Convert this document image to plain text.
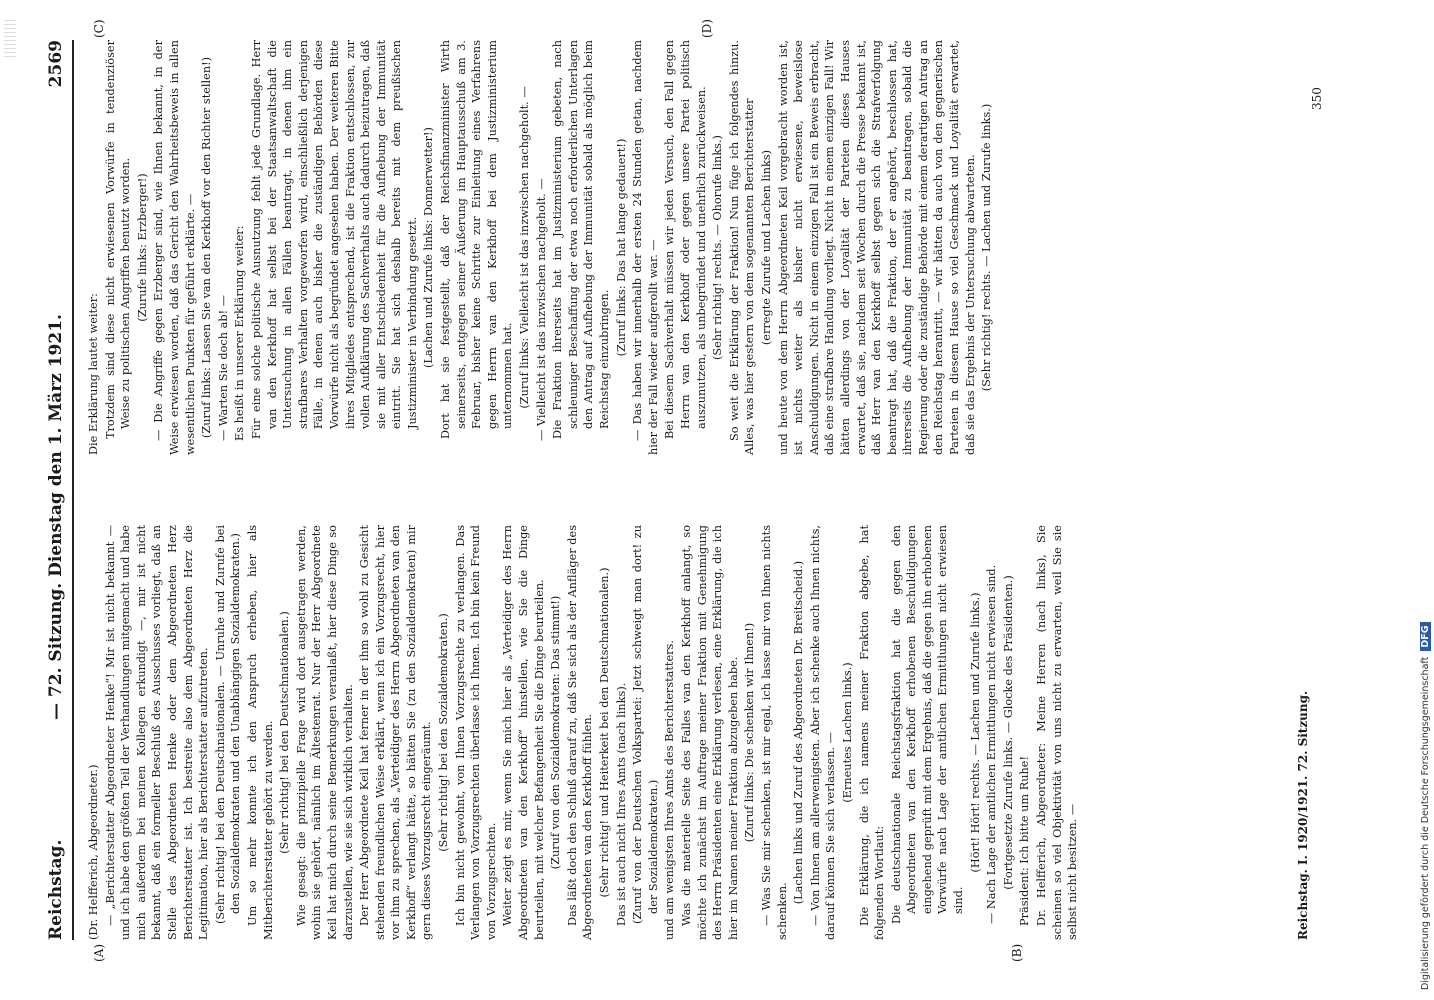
Reichstag.
— 72. Sitzung. Dienstag den 1. März 1921.
2569
(A)	(B)
(C)	(D)

(Dr. Helfferich, Abgeordneter.) — „Berichterstatter Abgeordneter Henke“! Mir ist nicht bekannt — und ich habe den größten Teil der Verhandlungen mitgemacht und habe mich außerdem bei meinen Kollegen erkundigt —, mir ist nicht bekannt, daß ein formeller Beschluß des Ausschusses vorliegt, daß an Stelle des Abgeordneten Henke oder dem Abgeordneten Herz Berichterstatter ist. Ich bestreite also dem Abgeordneten Herz die Legitimation, hier als Berichterstatter aufzutreten. (Sehr richtig! bei den Deutschnationalen. — Unruhe und Zurufe bei den Sozialdemokraten und den Unabhängigen Sozialdemokraten.) Um so mehr konnte ich den Anspruch erheben, hier als Mitberichterstatter gehört zu werden. (Sehr richtig! bei den Deutschnationalen.) Wie gesagt: die prinzipielle Frage wird dort ausgetragen werden, wohin sie gehört, nämlich im Ältestenrat. Nur der Herr Abgeordnete Keil hat mich durch seine Bemerkungen veranlaßt, hier diese Dinge so darzustellen, wie sie sich wirklich verhalten. Der Herr Abgeordnete Keil hat ferner in der ihm so wohl zu Gesicht stehenden freundlichen Weise erklärt, wenn ich ein Vorzugsrecht, hier vor ihm zu sprechen, als „Verteidiger des Herrn Abgeordneten van den Kerkhoff“ verlangt hätte, so hätten Sie (zu den Sozialdemokraten) mir gern dieses Vorzugsrecht eingeräumt. (Sehr richtig! bei den Sozialdemokraten.) Ich bin nicht gewohnt, von Ihnen Vorzugsrechte zu verlangen. Das Verlangen von Vorzugsrechten überlasse ich Ihnen. Ich bin kein Freund von Vorzugsrechten. Weiter zeigt es mir, wenn Sie mich hier als „Verteidiger des Herrn Abgeordneten van den Kerkhoff“ hinstellen, wie Sie die Dinge beurteilen, mit welcher Befangenheit Sie die Dinge beurteilen. (Zuruf von den Sozialdemokraten: Das stimmt!) Das läßt doch den Schluß darauf zu, daß Sie sich als der Anfläger des Abgeordneten van den Kerkhoff fühlen. (Sehr richtig! und Heiterkeit bei den Deutschnationalen.) Das ist auch nicht Ihres Amts (nach links). (Zuruf von der Deutschen Volkspartei: Jetzt schweigt man dort! zu der Sozialdemokraten.) und am wenigsten Ihres Amts des Berichterstatters. Was die materielle Seite des Falles van den Kerkhoff anlangt, so möchte ich zunächst im Auftrage meiner Fraktion mit Genehmigung des Herrn Präsidenten eine Erklärung verlesen, eine Erklärung, die ich hier im Namen meiner Fraktion abzugeben habe. (Zuruf links: Die schenken wir Ihnen!) — Was Sie mir schenken, ist mir egal, ich lasse mir von Ihnen nichts schenken.

(Lachen links und Zuruf des Abgeordneten Dr. Breitscheid.) — Von Ihnen am allerwenigsten. Aber ich schenke auch Ihnen nichts, darauf können Sie sich verlassen. — (Erneutes Lachen links.) Die Erklärung, die ich namens meiner Fraktion abgebe, hat folgenden Wortlaut: Die deutschnationale Reichstagsfraktion hat die gegen den Abgeordneten van den Kerkhoff erhobenen Beschuldigungen eingehend geprüft mit dem Ergebnis, daß die gegen ihn erhobenen Vorwürfe nach Lage der amtlichen Ermittlungen nicht erwiesen sind.

(Hört! Hört! rechts. — Lachen und Zurufe links.) — Nach Lage der amtlichen Ermittlungen nicht erwiesen sind. (Fortgesetzte Zurufe links. — Glocke des Präsidenten.) Präsident: Ich bitte um Ruhe! Dr. Helfferich, Abgeordneter: Meine Herren (nach links), Sie scheinen so viel Objektivität von uns nicht zu erwarten, weil Sie sie selbst nicht besitzen. —

Die Erklärung lautet weiter: Trotzdem sind diese nicht erwiesenen Vorwürfe in tendenziöser Weise zu politischen Angriffen benutzt worden. (Zurufe links: Erzberger!) — Die Angriffe gegen Erzberger sind, wie Ihnen bekannt, in der Weise erwiesen worden, daß das Gericht den Wahrheitsbeweis in allen wesentlichen Punkten für geführt erklärte. — (Zuruf links: Lassen Sie van den Kerkhoff vor den Richter stellen!) — Warten Sie doch ab! — Es heißt in unserer Erklärung weiter: Für eine solche politische Ausnutzung fehlt jede Grundlage. Herr van den Kerkhoff hat selbst bei der Staatsanwaltschaft die Untersuchung in allen Fällen beantragt, in denen ihm ein strafbares Verhalten vorgeworfen wird, einschließlich derjenigen Fälle, in denen auch bisher die zuständigen Behörden diese Vorwürfe nicht als begründet angesehen haben. Der weiteren Bitte ihres Mitgliedes entsprechend, ist die Fraktion entschlossen, zur vollen Aufklärung des Sachverhalts auch dadurch beizutragen, daß sie mit aller Entschiedenheit für die Aufhebung der Immunität eintritt. Sie hat sich deshalb bereits mit dem preußischen Justizminister in Verbindung gesetzt. (Lachen und Zurufe links: Donnerwetter!) Dort hat sie festgestellt, daß der Reichsfinanzminister Wirth seinerseits, entgegen seiner Äußerung im Hauptausschuß am 3. Februar, bisher keine Schritte zur Einleitung eines Verfahrens gegen Herrn van den Kerkhoff bei dem Justizministerium unternommen hat. (Zuruf links: Vielleicht ist das inzwischen nachgeholt. — — Vielleicht ist das inzwischen nachgeholt. — Die Fraktion ihrerseits hat im Justizministerium gebeten, nach schleuniger Beschaffung der etwa noch erforderlichen Unterlagen den Antrag auf Aufhebung der Immunität sobald als möglich beim Reichstag einzubringen.

(Zuruf links: Das hat lange gedauert!) — Das haben wir innerhalb der ersten 24 Stunden getan, nachdem hier der Fall wieder aufgerollt war. — Bei diesem Sachverhalt müssen wir jeden Versuch, den Fall gegen Herrn van den Kerkhoff oder gegen unsere Partei politisch auszunutzen, als unbegründet und unehrlich zurückweisen. (Sehr richtig! rechts. — Ohorufe links.) So weit die Erklärung der Fraktion! Nun füge ich folgendes hinzu. Alles, was hier gestern von dem sogenannten Berichterstatter (erregte Zurufe und Lachen links) und heute von dem Herrn Abgeordneten Keil vorgebracht worden ist, ist nichts weiter als bisher nicht erwiesene, beweislose Anschuldigungen. Nicht in einem einzigen Fall ist ein Beweis erbracht, daß eine strafbare Handlung vorliegt. Nicht in einem einzigen Fall! Wir hätten allerdings von der Loyalität der Parteien dieses Hauses erwartet, daß sie, nachdem seit Wochen durch die Presse bekannt ist, daß Herr van den Kerkhoff selbst gegen sich die Strafverfolgung beantragt hat, daß die Fraktion, der er angehört, beschlossen hat, ihrerseits die Aufhebung der Immunität zu beantragen, sobald die Regierung oder die zuständige Behörde mit einem derartigen Antrag an den Reichstag herantritt, — wir hätten da auch von den gegnerischen Parteien in diesem Hause so viel Geschmack und Loyalität erwartet, daß sie das Ergebnis der Untersuchung abwarteten. (Sehr richtig! rechts. — Lachen und Zurufe links.)

Reichstag. I. 1920/1921. 72. Sitzung.
350
Digitalisierung gefördert durch die Deutsche Forschungsgemeinschaft DFG
